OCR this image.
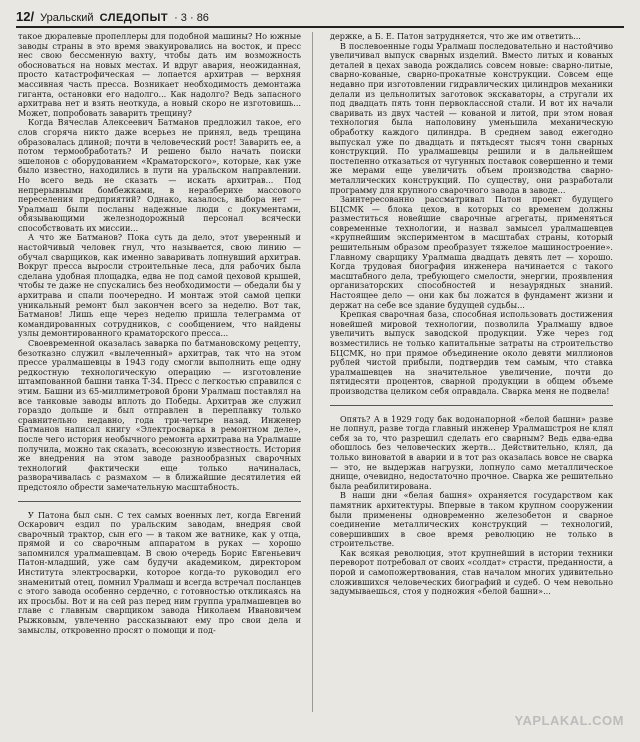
12/ Уральский СЛЕДОПЫТ · 3 · 86

такое дюралевые пропеллеры для подобной машины? Но южные заводы страны в это время эвакуировались на восток, и пресс нес свою бессменную вахту, чтобы дать им возможность обосноваться на новых местах. И вдруг авария, неожиданная, просто катастрофическая — лопается архитрав — верхняя массивная часть пресса. Возникает необходимость демонтажа гиганта, остановки его надолго... Как надолго? Ведь запасного архитрава нет и взять неоткуда, а новый скоро не изготовишь... Может, попробовать заварить трещину?

Когда Вячеслав Алексеевич Батманов предложил такое, его слов сгоряча никто даже всерьез не принял, ведь трещина образовалась длиной; почти в человеческий рост! Заварить ее, а потом термообработать? И решено было начать поиски эшелонов с оборудованием «Краматорского», которые, как уже было известно, находились в пути на уральском направлении. Но всего ведь не сказать — искать архитрав... Под непрерывными бомбежками, в неразберихе массового переселения предприятий? Однако, казалось, выбора нет — Уралмаш были посланы надежные люди с документами, обязывающими железнодорожный персонал всячески способствовать их миссии...

А что же Батманов? Пока суть да дело, этот уверенный и настойчивый человек гнул, что называется, свою линию — обучал сварщиков, как именно заваривать лопнувший архитрав. Вокруг пресса выросли строительные леса, для рабочих была сделана удобная площадка, едва не под самой цеховой крышей, чтобы те даже не спускались без необходимости — обедали бы у архитрава и спали поочередно. И монтаж этой самой цепки уникальный ремонт был закончен всего за неделю. Вот так, Батманов! Лишь еще через неделю пришла телеграмма от командированных сотрудников, с сообщением, что найдены узлы демонтированного краматорского пресса...

Своевременной оказалась заварка по батмановскому рецепту, безотказно служил «вылеченный» архитрав, так что на этом прессе уралмашевцы в 1943 году смогли выполнить еще одну редкостную технологическую операцию — изготовление штампованной башни танка Т-34. Пресс с легкостью справился с этим. Башни из 65-миллиметровой брони Уралмаш поставлял на все танковые заводы вплоть до Победы. Архитрав же служил гораздо дольше и был отправлен в переплавку только сравнительно недавно, года три-четыре назад. Инженер Батманов написал книгу «Электросварка в ремонтном деле», после чего история необычного ремонта архитрава на Уралмаше получила, можно так сказать, всесоюзную известность. История же внедрения на этом заводе разнообразных сварочных технологий фактически еще только начиналась, разворачивалась с размахом — в ближайшие десятилетия ей предстояло обрести замечательную масштабность.

У Патона был сын. С тех самых военных лет, когда Евгений Оскарович ездил по уральским заводам, внедряя свой сварочный трактор, сын его — в таком же ватнике, как у отца, прямой и со сварочным аппаратом в руках — хорошо запомнился уралмашевцам. В свою очередь Борис Евгеньевич Патон-младший, уже сам будучи академиком, директором Института электросварки, которое когда-то руководил его знаменитый отец, помнил Уралмаш и всегда встречал посланцев с этого завода особенно сердечно, с готовностью откликаясь на их просьбы. Вот и на сей раз перед ним группа уралмашевцев во главе с главным сварщиком завода Николаем Ивановичем Рыжковым, увлеченно рассказывают ему про свои дела и замыслы, откровенно просят о помощи и под-

держке, а Б. Е. Патон затрудняется, что же им ответить...

В послевоенные годы Уралмаш последовательно и настойчиво увеличивал выпуск сварных изделий. Вместо литых и кованых деталей в цехах завода рождались совсем новые: сварно-литые, сварно-кованые, сварно-прокатные конструкции. Совсем еще недавно при изготовлении гидравлических цилиндров механики делали из цельнолитых заготовок экскаваторы, а стругали их под двадцать пять тонн первоклассной стали. И вот их начали сваривать из двух частей — кованой и литой, при этом новая технология была наполовину уменьшила механическую обработку каждого цилиндра. В среднем завод ежегодно выпускал уже по двадцать и пятьдесят тысяч тонн сварных конструкций. По уралмашевцы решили и в дальнейшем постепенно отказаться от чугунных поставок совершенно и теми же мерами еще увеличить объем производства сварно-металлических конструкций. По существу, они разработали программу для крупного сварочного завода в заводе...

Заинтересованно рассматривал Патон проект будущего БЦСМК — блока цехов, в которых со временем должны разместиться новейшие сварочные агрегаты, применяться современные технологии, и назвал замысел уралмашевцев «крупнейшим экспериментом в масштабах страны, который решительным образом преобразует тяжелое машиностроение». Главному сварщику Уралмаша двадцать девять лет — хорошо. Когда трудовая биография инженера начинается с такого масштабного дела, требующего смелости, энергии, проявления организаторских способностей и незаурядных знаний. Настоящее дело — они как бы ложатся в фундамент жизни и держат на себе все здание будущей судьбы...

Крепкая сварочная база, способная использовать достижения новейшей мировой технологии, позволила Уралмашу вдвое увеличить выпуск заводской продукции. Уже через год возместились не только капитальные затраты на строительство БЦСМК, но при прямое объединение около девяти миллионов рублей чистой прибыли, подтвердив тем самым, что ставка уралмашевцев на значительное увеличение, почти до пятидесяти процентов, сварной продукции в общем объеме производства целиком себя оправдала. Сварка меня не подвела!

Опять? А в 1929 году бак водонапорной «белой башни» разве не лопнул, разве тогда главный инженер Уралмашстроя не клял себя за то, что разрешил сделать его сварным? Ведь едва-едва обошлось без человеческих жертв... Действительно, клял, да только виноватой в аварии и в тот раз оказалась вовсе не сварка — это, не выдержав нагрузки, лопнуло само металлическое днище, очевидно, недостаточно прочное. Сварка же решительно была реабилитирована.

В наши дни «белая башня» охраняется государством как памятник архитектуры. Впервые в таком крупном сооружении были применены одновременно железобетон и сварное соединение металлических конструкций — технологий, совершивших в свое время революцию не только в строительстве.

Как всякая революция, этот крупнейший в истории техники переворот потребовал от своих «солдат» страсти, преданности, а порой и самопожертвования, став началом многих удивительно сложившихся человеческих биографий и судеб. О чем невольно задумываешься, стоя у подножия «белой башни»...

YAPLAKAL.COM
